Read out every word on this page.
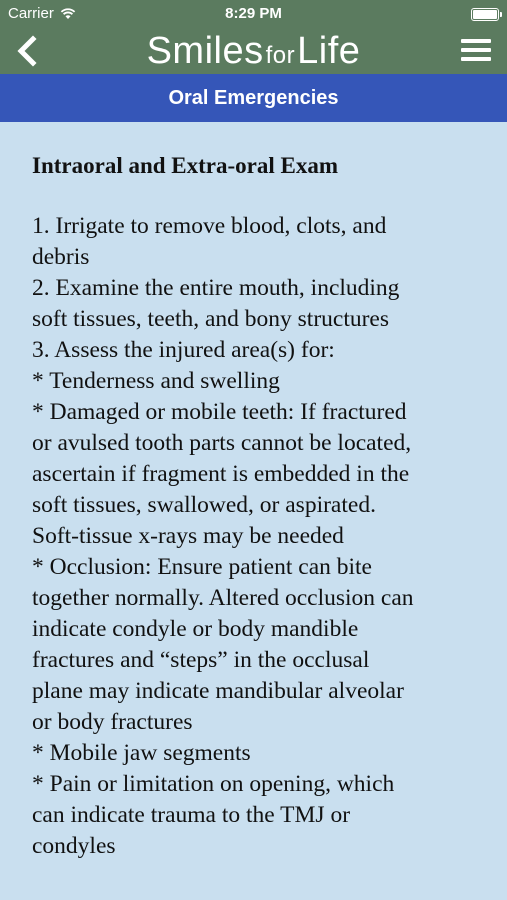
Carrier	8:29 PM
SmilesforLife
Oral Emergencies
Intraoral and Extra-oral Exam
1. Irrigate to remove blood, clots, and
debris
2. Examine the entire mouth, including
soft tissues, teeth, and bony structures
3. Assess the injured area(s) for:
* Tenderness and swelling
* Damaged or mobile teeth: If fractured
or avulsed tooth parts cannot be located,
ascertain if fragment is embedded in the
soft tissues, swallowed, or aspirated.
Soft-tissue x-rays may be needed
* Occlusion: Ensure patient can bite
together normally. Altered occlusion can
indicate condyle or body mandible
fractures and “steps” in the occlusal
plane may indicate mandibular alveolar
or body fractures
* Mobile jaw segments
* Pain or limitation on opening, which
can indicate trauma to the TMJ or
condyles
